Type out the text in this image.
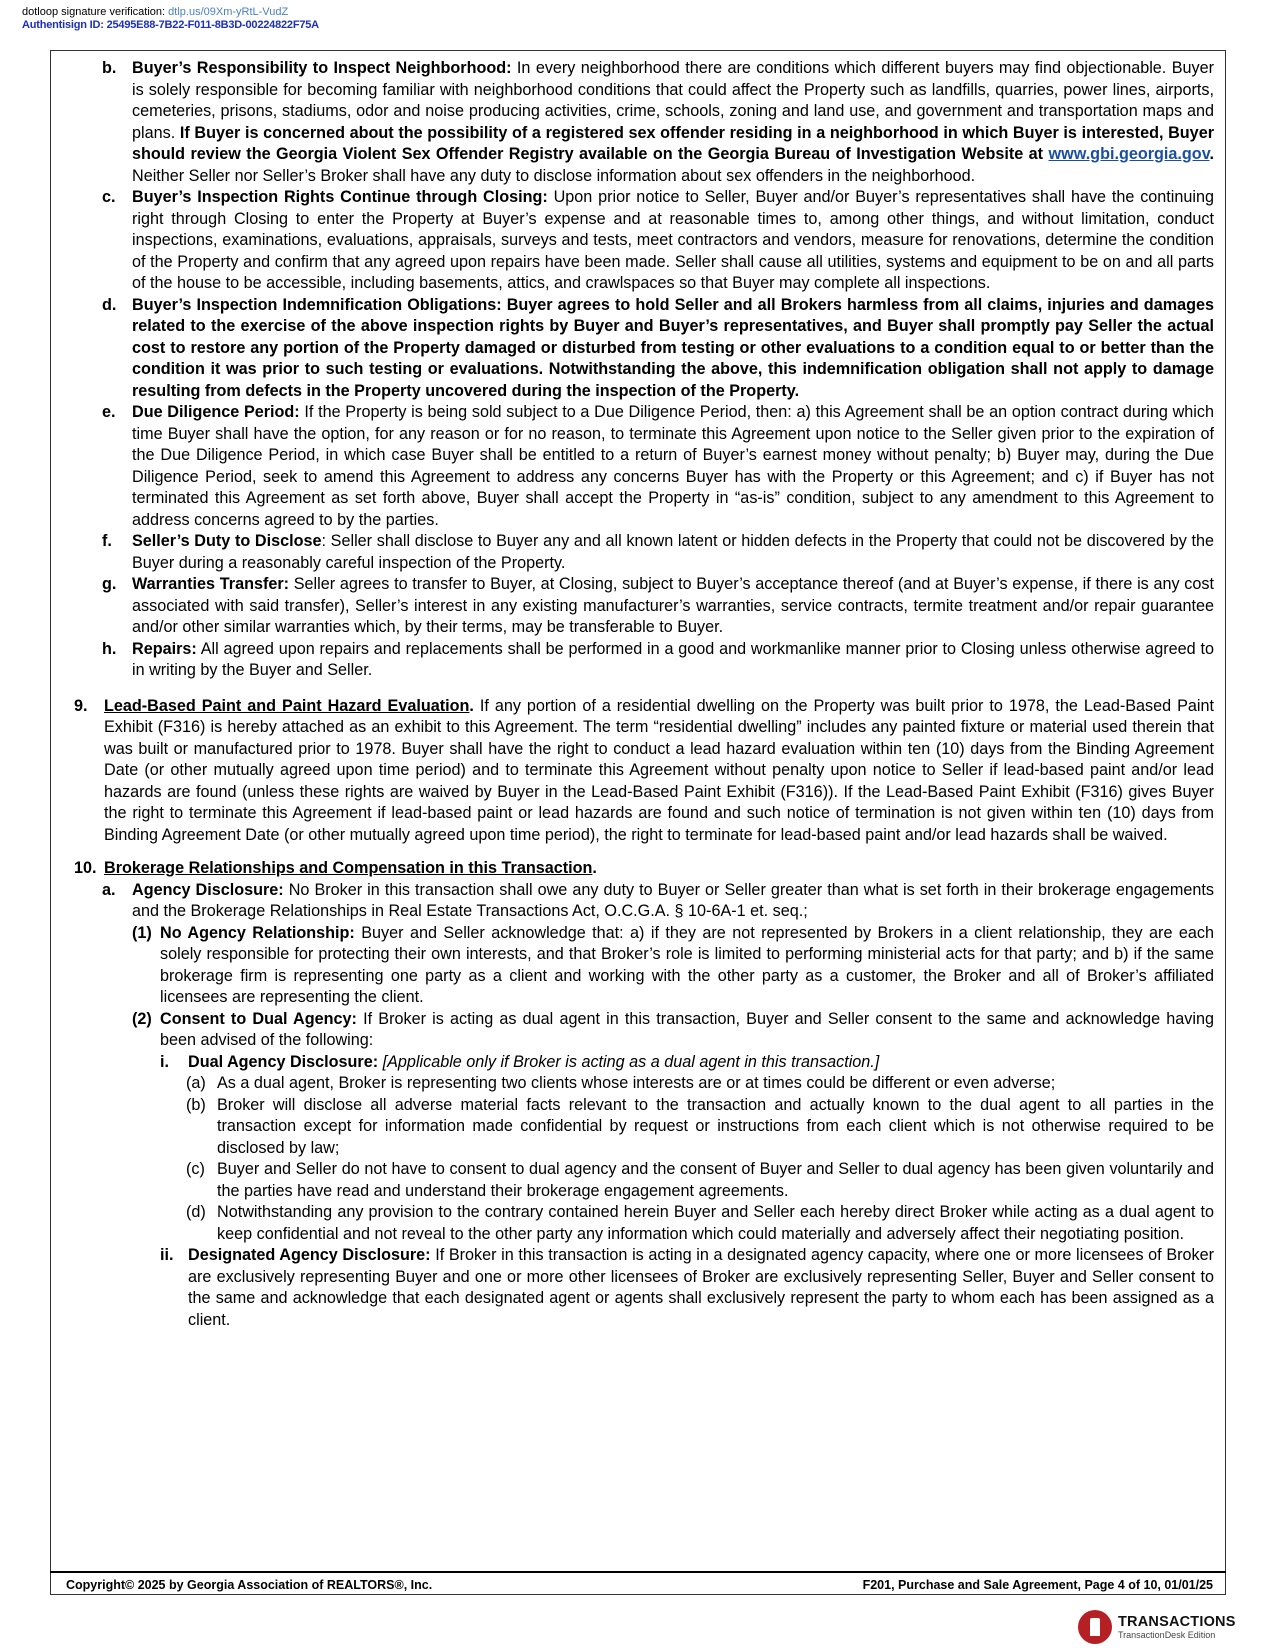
dotloop signature verification: dtlp.us/09Xm-yRtL-VudZ
Authentisign ID: 25495E88-7B22-F011-8B3D-00224822F75A
b. Buyer’s Responsibility to Inspect Neighborhood: In every neighborhood there are conditions which different buyers may find objectionable. Buyer is solely responsible for becoming familiar with neighborhood conditions that could affect the Property such as landfills, quarries, power lines, airports, cemeteries, prisons, stadiums, odor and noise producing activities, crime, schools, zoning and land use, and government and transportation maps and plans. If Buyer is concerned about the possibility of a registered sex offender residing in a neighborhood in which Buyer is interested, Buyer should review the Georgia Violent Sex Offender Registry available on the Georgia Bureau of Investigation Website at www.gbi.georgia.gov. Neither Seller nor Seller’s Broker shall have any duty to disclose information about sex offenders in the neighborhood.
c. Buyer’s Inspection Rights Continue through Closing: Upon prior notice to Seller, Buyer and/or Buyer’s representatives shall have the continuing right through Closing to enter the Property at Buyer’s expense and at reasonable times to, among other things, and without limitation, conduct inspections, examinations, evaluations, appraisals, surveys and tests, meet contractors and vendors, measure for renovations, determine the condition of the Property and confirm that any agreed upon repairs have been made. Seller shall cause all utilities, systems and equipment to be on and all parts of the house to be accessible, including basements, attics, and crawlspaces so that Buyer may complete all inspections.
d. Buyer’s Inspection Indemnification Obligations: Buyer agrees to hold Seller and all Brokers harmless from all claims, injuries and damages related to the exercise of the above inspection rights by Buyer and Buyer’s representatives, and Buyer shall promptly pay Seller the actual cost to restore any portion of the Property damaged or disturbed from testing or other evaluations to a condition equal to or better than the condition it was prior to such testing or evaluations. Notwithstanding the above, this indemnification obligation shall not apply to damage resulting from defects in the Property uncovered during the inspection of the Property.
e. Due Diligence Period: If the Property is being sold subject to a Due Diligence Period, then: a) this Agreement shall be an option contract during which time Buyer shall have the option, for any reason or for no reason, to terminate this Agreement upon notice to the Seller given prior to the expiration of the Due Diligence Period, in which case Buyer shall be entitled to a return of Buyer’s earnest money without penalty; b) Buyer may, during the Due Diligence Period, seek to amend this Agreement to address any concerns Buyer has with the Property or this Agreement; and c) if Buyer has not terminated this Agreement as set forth above, Buyer shall accept the Property in “as-is” condition, subject to any amendment to this Agreement to address concerns agreed to by the parties.
f. Seller’s Duty to Disclose: Seller shall disclose to Buyer any and all known latent or hidden defects in the Property that could not be discovered by the Buyer during a reasonably careful inspection of the Property.
g. Warranties Transfer: Seller agrees to transfer to Buyer, at Closing, subject to Buyer’s acceptance thereof (and at Buyer’s expense, if there is any cost associated with said transfer), Seller’s interest in any existing manufacturer’s warranties, service contracts, termite treatment and/or repair guarantee and/or other similar warranties which, by their terms, may be transferable to Buyer.
h. Repairs: All agreed upon repairs and replacements shall be performed in a good and workmanlike manner prior to Closing unless otherwise agreed to in writing by the Buyer and Seller.
9. Lead-Based Paint and Paint Hazard Evaluation. If any portion of a residential dwelling on the Property was built prior to 1978, the Lead-Based Paint Exhibit (F316) is hereby attached as an exhibit to this Agreement. The term “residential dwelling” includes any painted fixture or material used therein that was built or manufactured prior to 1978. Buyer shall have the right to conduct a lead hazard evaluation within ten (10) days from the Binding Agreement Date (or other mutually agreed upon time period) and to terminate this Agreement without penalty upon notice to Seller if lead-based paint and/or lead hazards are found (unless these rights are waived by Buyer in the Lead-Based Paint Exhibit (F316)). If the Lead-Based Paint Exhibit (F316) gives Buyer the right to terminate this Agreement if lead-based paint or lead hazards are found and such notice of termination is not given within ten (10) days from Binding Agreement Date (or other mutually agreed upon time period), the right to terminate for lead-based paint and/or lead hazards shall be waived.
10. Brokerage Relationships and Compensation in this Transaction.
a. Agency Disclosure: No Broker in this transaction shall owe any duty to Buyer or Seller greater than what is set forth in their brokerage engagements and the Brokerage Relationships in Real Estate Transactions Act, O.C.G.A. § 10-6A-1 et. seq.;
(1) No Agency Relationship: Buyer and Seller acknowledge that: a) if they are not represented by Brokers in a client relationship, they are each solely responsible for protecting their own interests, and that Broker’s role is limited to performing ministerial acts for that party; and b) if the same brokerage firm is representing one party as a client and working with the other party as a customer, the Broker and all of Broker’s affiliated licensees are representing the client.
(2) Consent to Dual Agency: If Broker is acting as dual agent in this transaction, Buyer and Seller consent to the same and acknowledge having been advised of the following:
i. Dual Agency Disclosure: [Applicable only if Broker is acting as a dual agent in this transaction.]
(a) As a dual agent, Broker is representing two clients whose interests are or at times could be different or even adverse;
(b) Broker will disclose all adverse material facts relevant to the transaction and actually known to the dual agent to all parties in the transaction except for information made confidential by request or instructions from each client which is not otherwise required to be disclosed by law;
(c) Buyer and Seller do not have to consent to dual agency and the consent of Buyer and Seller to dual agency has been given voluntarily and the parties have read and understand their brokerage engagement agreements.
(d) Notwithstanding any provision to the contrary contained herein Buyer and Seller each hereby direct Broker while acting as a dual agent to keep confidential and not reveal to the other party any information which could materially and adversely affect their negotiating position.
ii. Designated Agency Disclosure: If Broker in this transaction is acting in a designated agency capacity, where one or more licensees of Broker are exclusively representing Buyer and one or more other licensees of Broker are exclusively representing Seller, Buyer and Seller consent to the same and acknowledge that each designated agent or agents shall exclusively represent the party to whom each has been assigned as a client.
Copyright© 2025 by Georgia Association of REALTORS®, Inc.	F201, Purchase and Sale Agreement, Page 4 of 10, 01/01/25
TRANSACTIONS
TransactionDesk Edition
